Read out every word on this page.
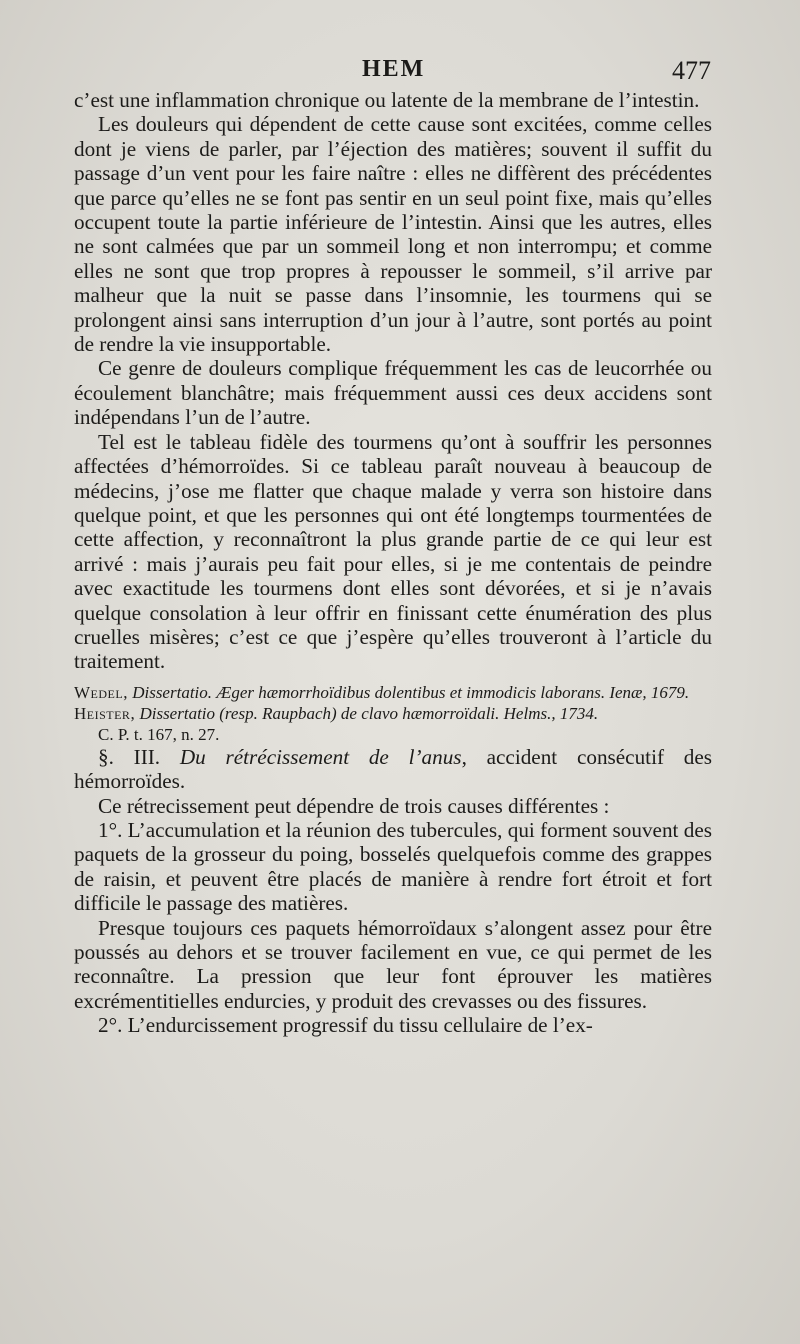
HEM	477

c’est une inflammation chronique ou latente de la membrane de l’intestin.

Les douleurs qui dépendent de cette cause sont excitées, comme celles dont je viens de parler, par l’éjection des matières; souvent il suffit du passage d’un vent pour les faire naître : elles ne diffèrent des précédentes que parce qu’elles ne se font pas sentir en un seul point fixe, mais qu’elles occupent toute la partie inférieure de l’intestin. Ainsi que les autres, elles ne sont calmées que par un sommeil long et non interrompu; et comme elles ne sont que trop propres à repousser le sommeil, s’il arrive par malheur que la nuit se passe dans l’insomnie, les tourmens qui se prolongent ainsi sans interruption d’un jour à l’autre, sont portés au point de rendre la vie insupportable.

Ce genre de douleurs complique fréquemment les cas de leucorrhée ou écoulement blanchâtre; mais fréquemment aussi ces deux accidens sont indépendans l’un de l’autre.

Tel est le tableau fidèle des tourmens qu’ont à souffrir les personnes affectées d’hémorroïdes. Si ce tableau paraît nouveau à beaucoup de médecins, j’ose me flatter que chaque malade y verra son histoire dans quelque point, et que les personnes qui ont été longtemps tourmentées de cette affection, y reconnaîtront la plus grande partie de ce qui leur est arrivé : mais j’aurais peu fait pour elles, si je me contentais de peindre avec exactitude les tourmens dont elles sont dévorées, et si je n’avais quelque consolation à leur offrir en finissant cette énumération des plus cruelles misères; c’est ce que j’espère qu’elles trouveront à l’article du traitement.

Wedel, Dissertatio. Æger hæmorrhoïdibus dolentibus et immodicis laborans. Ienæ, 1679.

Heister, Dissertatio (resp. Raupbach) de clavo hæmorroïdali. Helms., 1734.

C. P. t. 167, n. 27.

§. III. Du rétrécissement de l’anus, accident consécutif des hémorroïdes.

Ce rétrecissement peut dépendre de trois causes différentes :

1°. L’accumulation et la réunion des tubercules, qui forment souvent des paquets de la grosseur du poing, bosselés quelquefois comme des grappes de raisin, et peuvent être placés de manière à rendre fort étroit et fort difficile le passage des matières.

Presque toujours ces paquets hémorroïdaux s’alongent assez pour être poussés au dehors et se trouver facilement en vue, ce qui permet de les reconnaître. La pression que leur font éprouver les matières excrémentitielles endurcies, y produit des crevasses ou des fissures.

2°. L’endurcissement progressif du tissu cellulaire de l’ex-
